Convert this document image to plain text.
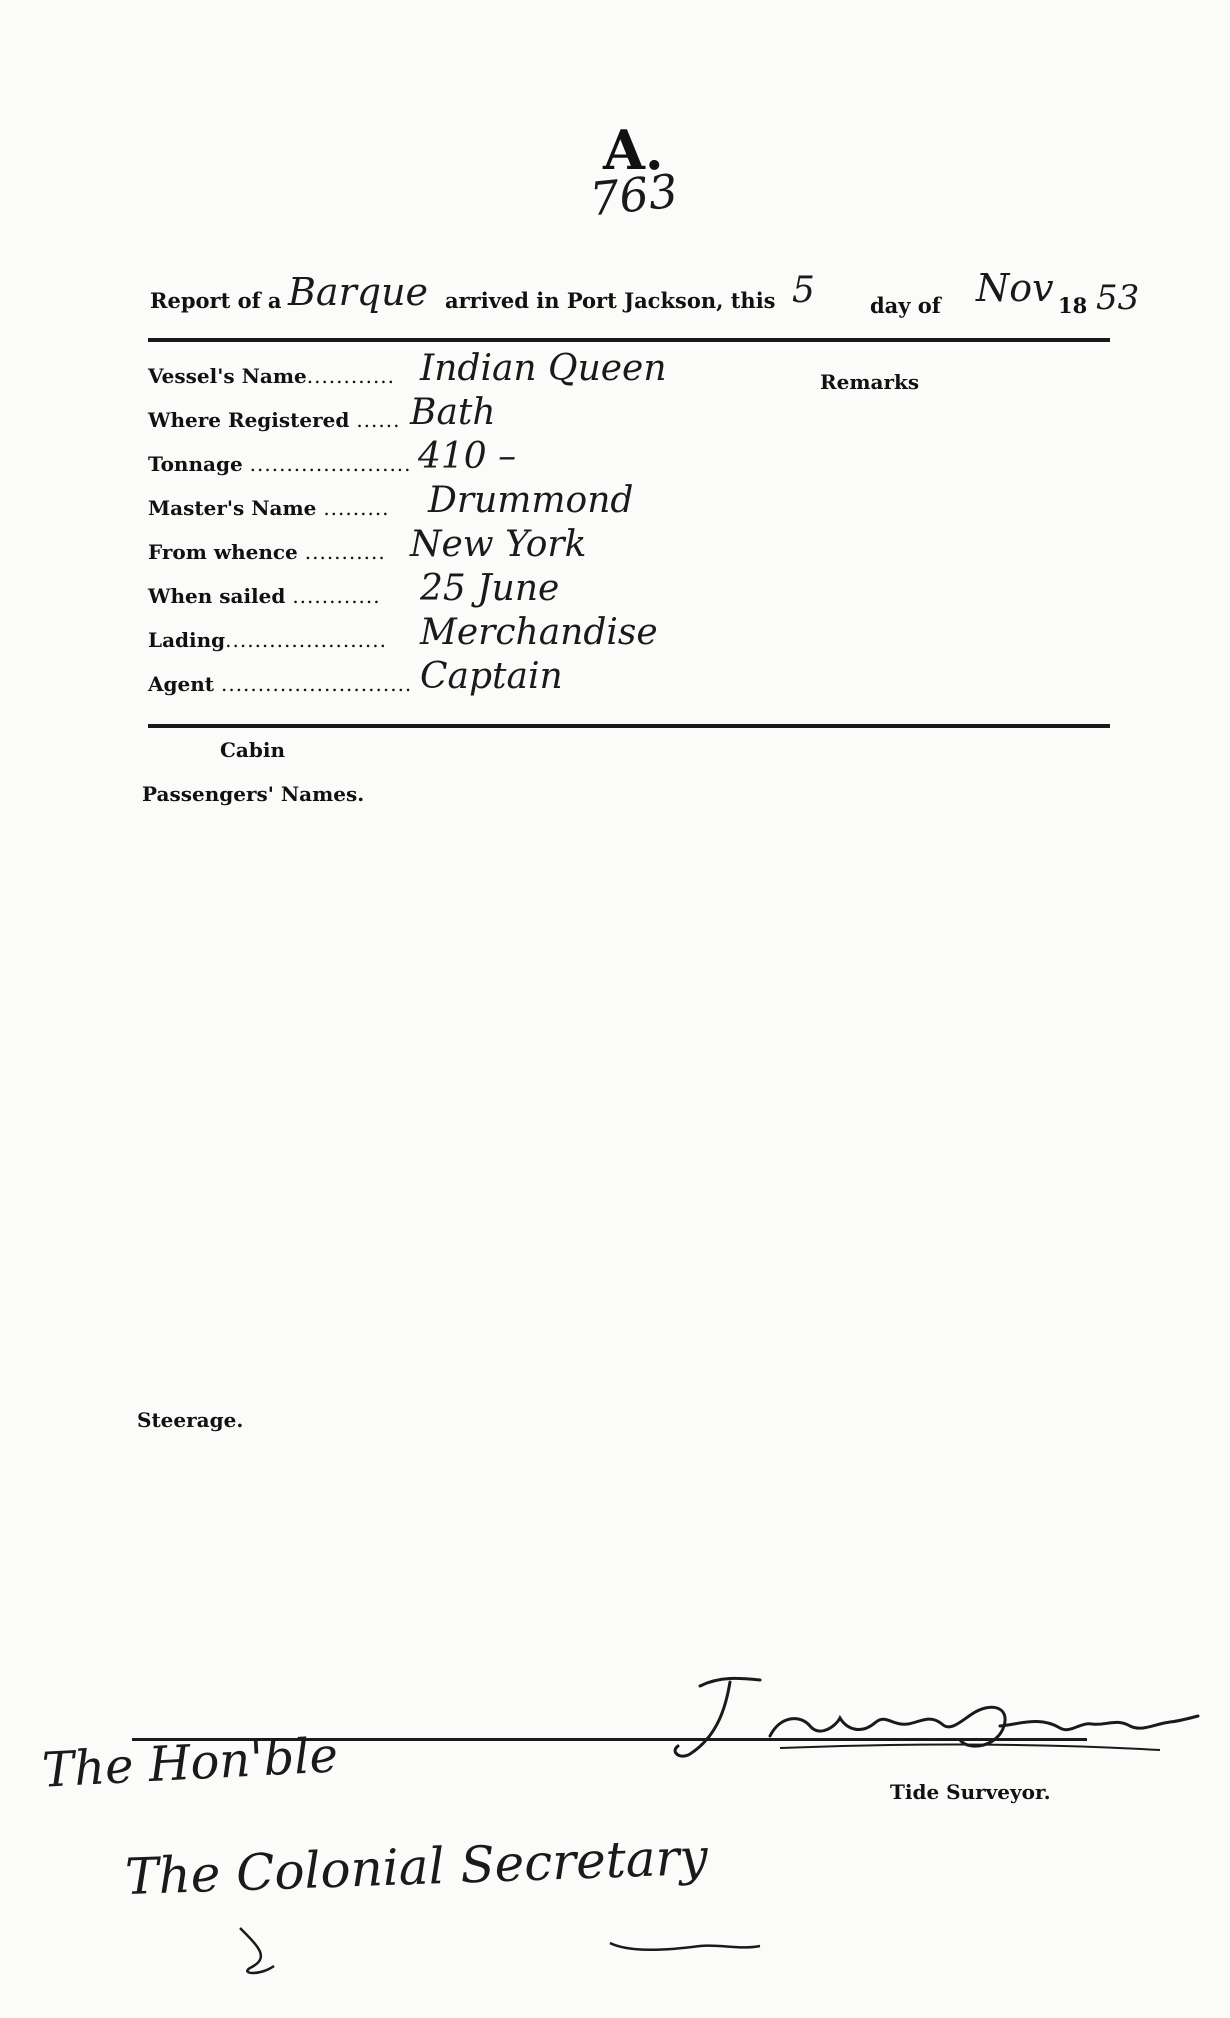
A.
763
Report of a Barque arrived in Port Jackson, this 5	day of Nov 18 53
Remarks
Vessel's Name............ Indian Queen
Where Registered ...... Bath
Tonnage ...................... 410 –
Master's Name ......... Drummond
From whence ........... New York
When sailed ............ 25 June
Lading...................... Merchandise
Agent .......................... Captain
Cabin
Passengers' Names.
Steerage.
Tide Surveyor.
The Hon'ble
The Colonial Secretary
